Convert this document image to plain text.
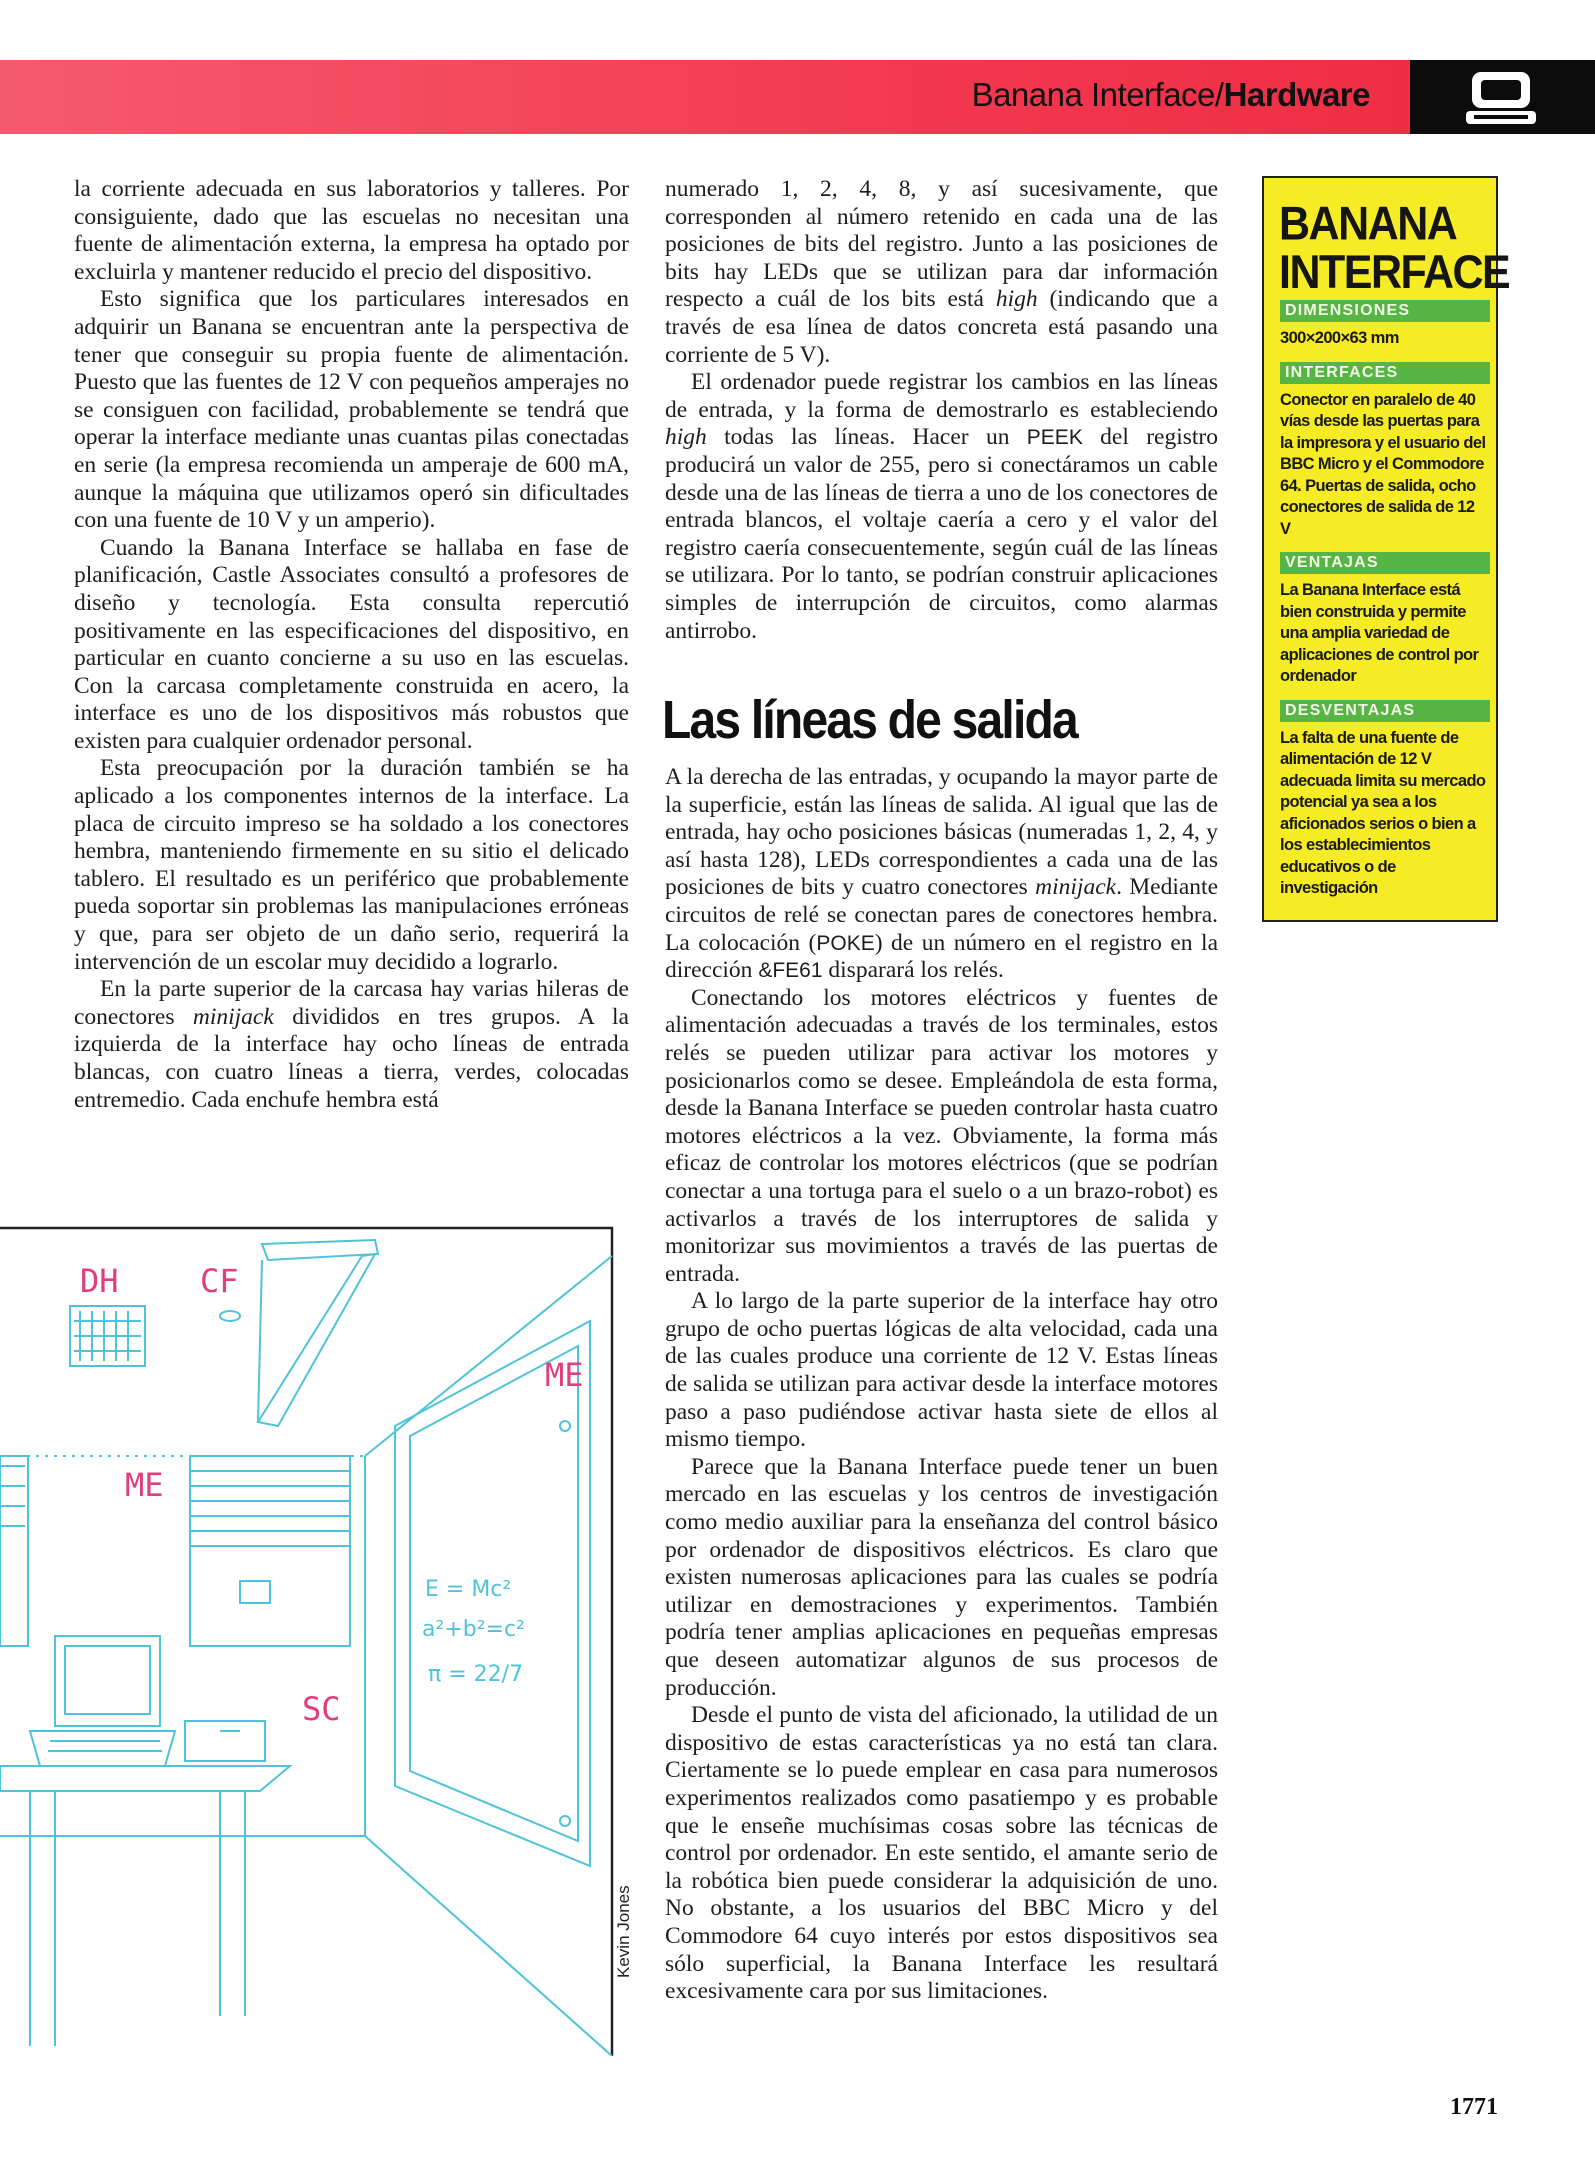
Banana Interface/Hardware

la corriente adecuada en sus laboratorios y talleres. Por consiguiente, dado que las escuelas no necesitan una fuente de alimentación externa, la empresa ha optado por excluirla y mantener reducido el precio del dispositivo.

Esto significa que los particulares interesados en adquirir un Banana se encuentran ante la perspectiva de tener que conseguir su propia fuente de alimentación. Puesto que las fuentes de 12 V con pequeños amperajes no se consiguen con facilidad, probablemente se tendrá que operar la interface mediante unas cuantas pilas conectadas en serie (la empresa recomienda un amperaje de 600 mA, aunque la máquina que utilizamos operó sin dificultades con una fuente de 10 V y un amperio).

Cuando la Banana Interface se hallaba en fase de planificación, Castle Associates consultó a profesores de diseño y tecnología. Esta consulta repercutió positivamente en las especificaciones del dispositivo, en particular en cuanto concierne a su uso en las escuelas. Con la carcasa completamente construida en acero, la interface es uno de los dispositivos más robustos que existen para cualquier ordenador personal.

Esta preocupación por la duración también se ha aplicado a los componentes internos de la interface. La placa de circuito impreso se ha soldado a los conectores hembra, manteniendo firmemente en su sitio el delicado tablero. El resultado es un periférico que probablemente pueda soportar sin problemas las manipulaciones erróneas y que, para ser objeto de un daño serio, requerirá la intervención de un escolar muy decidido a lograrlo.

En la parte superior de la carcasa hay varias hileras de conectores minijack divididos en tres grupos. A la izquierda de la interface hay ocho líneas de entrada blancas, con cuatro líneas a tierra, verdes, colocadas entremedio. Cada enchufe hembra está

numerado 1, 2, 4, 8, y así sucesivamente, que corresponden al número retenido en cada una de las posiciones de bits del registro. Junto a las posiciones de bits hay LEDs que se utilizan para dar información respecto a cuál de los bits está high (indicando que a través de esa línea de datos concreta está pasando una corriente de 5 V).

El ordenador puede registrar los cambios en las líneas de entrada, y la forma de demostrarlo es estableciendo high todas las líneas. Hacer un PEEK del registro producirá un valor de 255, pero si conectáramos un cable desde una de las líneas de tierra a uno de los conectores de entrada blancos, el voltaje caería a cero y el valor del registro caería consecuentemente, según cuál de las líneas se utilizara. Por lo tanto, se podrían construir aplicaciones simples de interrupción de circuitos, como alarmas antirrobo.

Las líneas de salida

A la derecha de las entradas, y ocupando la mayor parte de la superficie, están las líneas de salida. Al igual que las de entrada, hay ocho posiciones básicas (numeradas 1, 2, 4, y así hasta 128), LEDs correspondientes a cada una de las posiciones de bits y cuatro conectores minijack. Mediante circuitos de relé se conectan pares de conectores hembra. La colocación (POKE) de un número en el registro en la dirección &FE61 disparará los relés.

Conectando los motores eléctricos y fuentes de alimentación adecuadas a través de los terminales, estos relés se pueden utilizar para activar los motores y posicionarlos como se desee. Empleándola de esta forma, desde la Banana Interface se pueden controlar hasta cuatro motores eléctricos a la vez. Obviamente, la forma más eficaz de controlar los motores eléctricos (que se podrían conectar a una tortuga para el suelo o a un brazo-robot) es activarlos a través de los interruptores de salida y monitorizar sus movimientos a través de las puertas de entrada.

A lo largo de la parte superior de la interface hay otro grupo de ocho puertas lógicas de alta velocidad, cada una de las cuales produce una corriente de 12 V. Estas líneas de salida se utilizan para activar desde la interface motores paso a paso pudiéndose activar hasta siete de ellos al mismo tiempo.

Parece que la Banana Interface puede tener un buen mercado en las escuelas y los centros de investigación como medio auxiliar para la enseñanza del control básico por ordenador de dispositivos eléctricos. Es claro que existen numerosas aplicaciones para las cuales se podría utilizar en demostraciones y experimentos. También podría tener amplias aplicaciones en pequeñas empresas que deseen automatizar algunos de sus procesos de producción.

Desde el punto de vista del aficionado, la utilidad de un dispositivo de estas características ya no está tan clara. Ciertamente se lo puede emplear en casa para numerosos experimentos realizados como pasatiempo y es probable que le enseñe muchísimas cosas sobre las técnicas de control por ordenador. En este sentido, el amante serio de la robótica bien puede considerar la adquisición de uno. No obstante, a los usuarios del BBC Micro y del Commodore 64 cuyo interés por estos dispositivos sea sólo superficial, la Banana Interface les resultará excesivamente cara por sus limitaciones.

BANANA
INTERFACE
DIMENSIONES
300×200×63 mm
INTERFACES
Conector en paralelo de 40 vías desde las puertas para la impresora y el usuario del BBC Micro y el Commodore 64. Puertas de salida, ocho conectores de salida de 12 V
VENTAJAS
La Banana Interface está bien construida y permite una amplia variedad de aplicaciones de control por ordenador
DESVENTAJAS
La falta de una fuente de alimentación de 12 V adecuada limita su mercado potencial ya sea a los aficionados serios o bien a los establecimientos educativos o de investigación
E = Mc²
a²+b²=c²
π = 22/7
DH	CF
ME
ME
SC
Kevin Jones
1771
